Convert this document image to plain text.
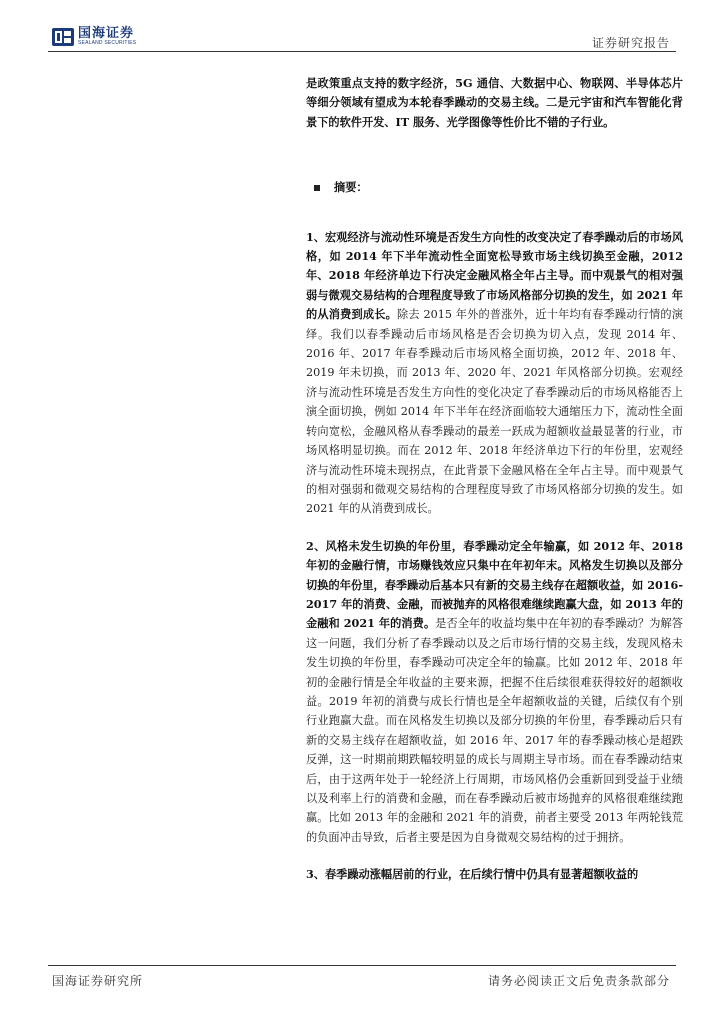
国海证券
SEALAND SECURITIES	证券研究报告

是政策重点支持的数字经济，5G 通信、大数据中心、物联网、半导体芯片等细分领域有望成为本轮春季躁动的交易主线。二是元宇宙和汽车智能化背景下的软件开发、IT 服务、光学图像等性价比不错的子行业。

摘要：

1、宏观经济与流动性环境是否发生方向性的改变决定了春季躁动后的市场风格，如 2014 年下半年流动性全面宽松导致市场主线切换至金融，2012 年、2018 年经济单边下行决定金融风格全年占主导。而中观景气的相对强弱与微观交易结构的合理程度导致了市场风格部分切换的发生，如 2021 年的从消费到成长。除去 2015 年外的普涨外，近十年均有春季躁动行情的演绎。我们以春季躁动后市场风格是否会切换为切入点，发现 2014 年、2016 年、2017 年春季躁动后市场风格全面切换，2012 年、2018 年、2019 年未切换，而 2013 年、2020 年、2021 年风格部分切换。宏观经济与流动性环境是否发生方向性的变化决定了春季躁动后的市场风格能否上演全面切换，例如 2014 年下半年在经济面临较大通缩压力下，流动性全面转向宽松，金融风格从春季躁动的最差一跃成为超额收益最显著的行业，市场风格明显切换。而在 2012 年、2018 年经济单边下行的年份里，宏观经济与流动性环境未现拐点，在此背景下金融风格在全年占主导。而中观景气的相对强弱和微观交易结构的合理程度导致了市场风格部分切换的发生。如 2021 年的从消费到成长。

2、风格未发生切换的年份里，春季躁动定全年输赢，如 2012 年、2018 年初的金融行情，市场赚钱效应只集中在年初年末。风格发生切换以及部分切换的年份里，春季躁动后基本只有新的交易主线存在超额收益，如 2016-2017 年的消费、金融，而被抛弃的风格很难继续跑赢大盘，如 2013 年的金融和 2021 年的消费。是否全年的收益均集中在年初的春季躁动？为解答这一问题，我们分析了春季躁动以及之后市场行情的交易主线，发现风格未发生切换的年份里，春季躁动可决定全年的输赢。比如 2012 年、2018 年初的金融行情是全年收益的主要来源，把握不住后续很难获得较好的超额收益。2019 年初的消费与成长行情也是全年超额收益的关键，后续仅有个别行业跑赢大盘。而在风格发生切换以及部分切换的年份里，春季躁动后只有新的交易主线存在超额收益，如 2016 年、2017 年的春季躁动核心是超跌反弹，这一时期前期跌幅较明显的成长与周期主导市场。而在春季躁动结束后，由于这两年处于一轮经济上行周期，市场风格仍会重新回到受益于业绩以及利率上行的消费和金融，而在春季躁动后被市场抛弃的风格很难继续跑赢。比如 2013 年的金融和 2021 年的消费，前者主要受 2013 年两轮钱荒的负面冲击导致，后者主要是因为自身微观交易结构的过于拥挤。

3、春季躁动涨幅居前的行业，在后续行情中仍具有显著超额收益的

国海证券研究所	请务必阅读正文后免责条款部分
